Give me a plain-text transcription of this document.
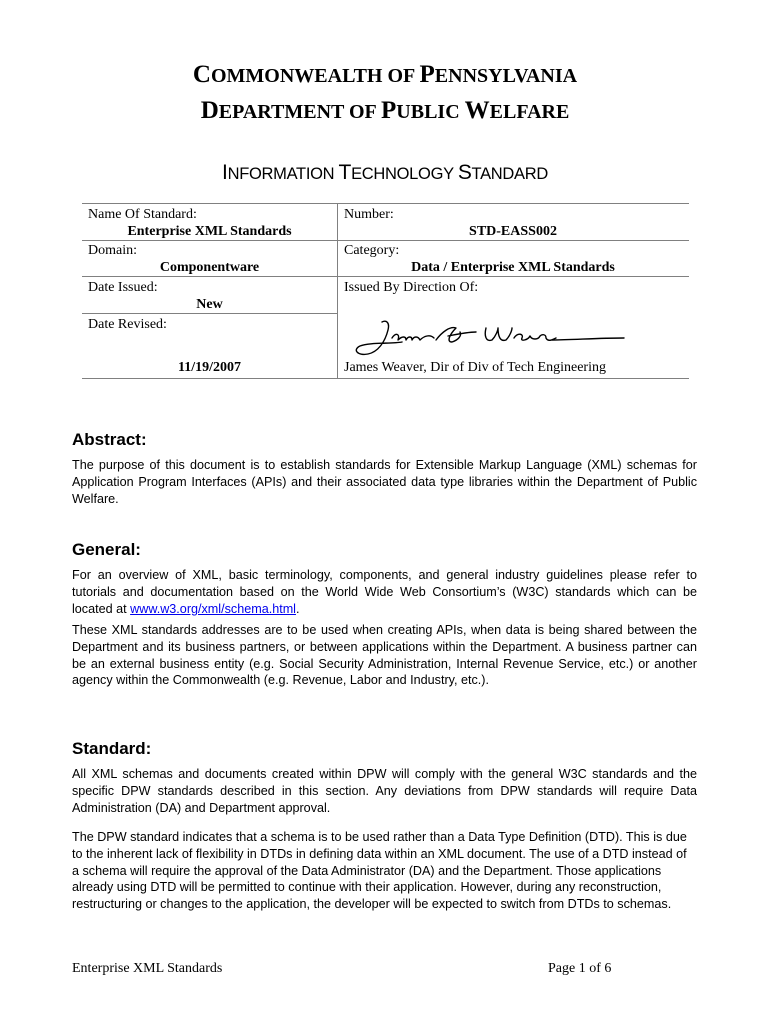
COMMONWEALTH OF PENNSYLVANIA
DEPARTMENT OF PUBLIC WELFARE
INFORMATION TECHNOLOGY STANDARD
Name Of Standard:
Enterprise XML Standards
Number:
STD-EASS002
Domain:
Componentware
Category:
Data / Enterprise XML Standards
Date Issued:
New
Issued By Direction Of:
Date Revised:
11/19/2007	James Weaver, Dir of Div of Tech Engineering
Abstract:

The purpose of this document is to establish standards for Extensible Markup Language (XML) schemas for Application Program Interfaces (APIs) and their associated data type libraries within the Department of Public Welfare.

General:

For an overview of XML, basic terminology, components, and general industry guidelines please refer to tutorials and documentation based on the World Wide Web Consortium’s (W3C) standards which can be located at www.w3.org/xml/schema.html.

These XML standards addresses are to be used when creating APIs, when data is being shared between the Department and its business partners, or between applications within the Department. A business partner can be an external business entity (e.g. Social Security Administration, Internal Revenue Service, etc.) or another agency within the Commonwealth (e.g. Revenue, Labor and Industry, etc.).

Standard:

All XML schemas and documents created within DPW will comply with the general W3C standards and the specific DPW standards described in this section. Any deviations from DPW standards will require Data Administration (DA) and Department approval.

The DPW standard indicates that a schema is to be used rather than a Data Type Definition (DTD). This is due to the inherent lack of flexibility in DTDs in defining data within an XML document. The use of a DTD instead of a schema will require the approval of the Data Administrator (DA) and the Department. Those applications already using DTD will be permitted to continue with their application. However, during any reconstruction, restructuring or changes to the application, the developer will be expected to switch from DTDs to schemas.

Enterprise XML Standards	Page 1 of 6
